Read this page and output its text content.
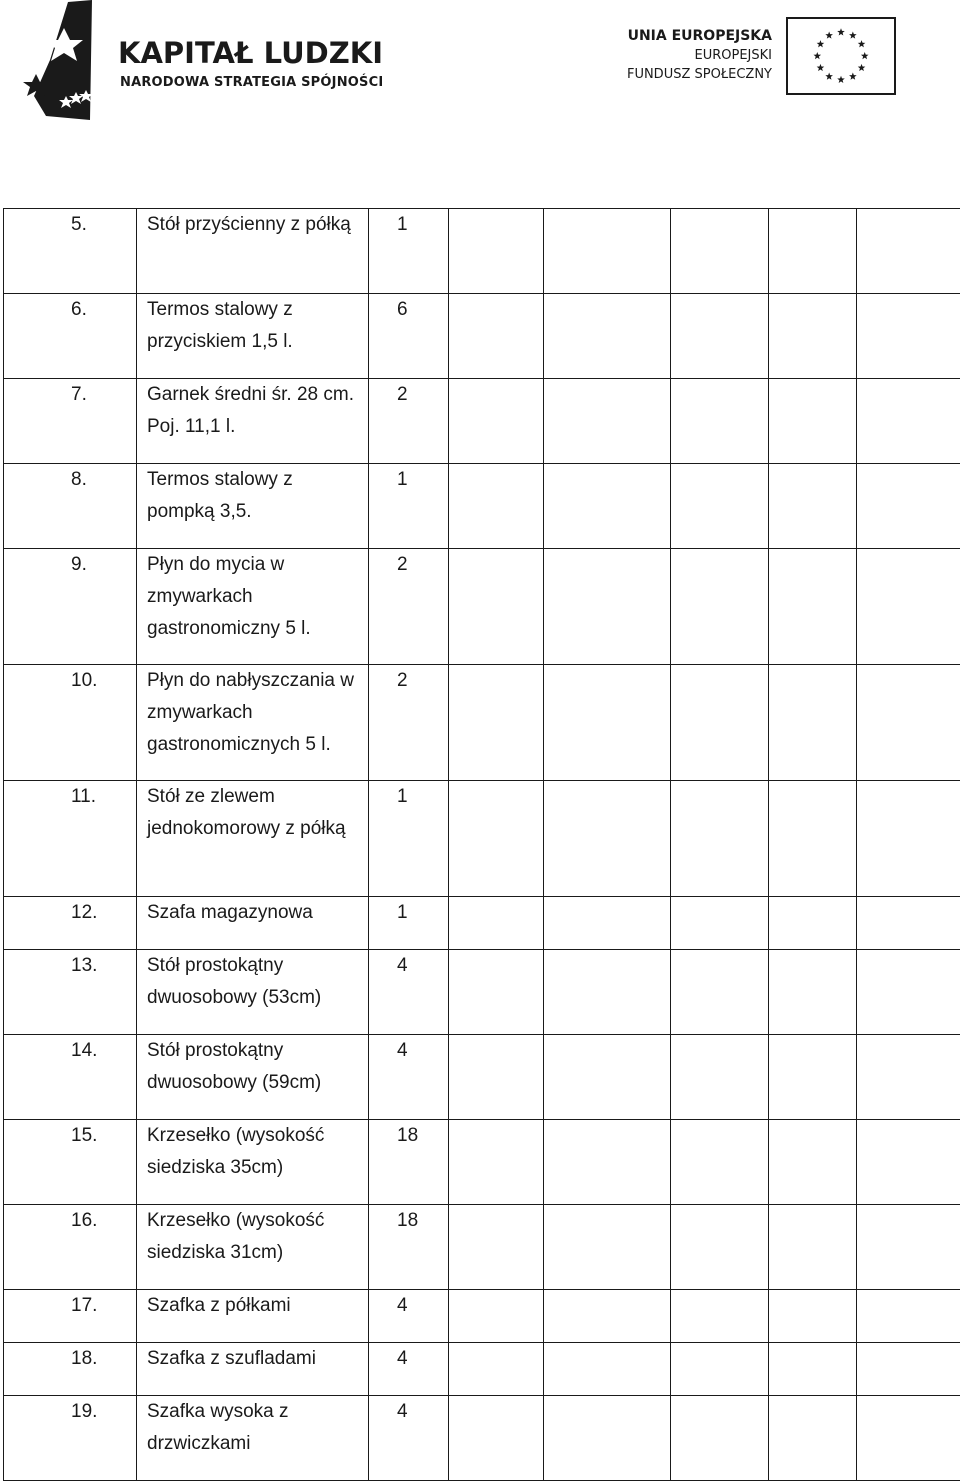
KAPITAŁ LUDZKI
NARODOWA STRATEGIA SPÓJNOŚCI
UNIA EUROPEJSKA
EUROPEJSKI
FUNDUSZ SPOŁECZNY
5.	Stół przyścienny z półką	1					

6.	Termos stalowy z przyciskiem 1,5 l.	6					

7.	Garnek średni śr. 28 cm. Poj. 11,1 l.	2					

8.	Termos stalowy z pompką 3,5.	1					

9.	Płyn do mycia w zmywarkach gastronomiczny 5 l.	2					

10.	Płyn do nabłyszczania w zmywarkach gastronomicznych 5 l.	2					

11.	Stół ze zlewem jednokomorowy z półką	1					

12.	Szafa magazynowa	1					

13.	Stół prostokątny dwuosobowy (53cm)	4					

14.	Stół prostokątny dwuosobowy (59cm)	4					

15.	Krzesełko (wysokość siedziska 35cm)	18					

16.	Krzesełko (wysokość siedziska 31cm)	18					

17.	Szafka z półkami	4					

18.	Szafka z szufladami	4					

19.	Szafka wysoka z drzwiczkami	4					
